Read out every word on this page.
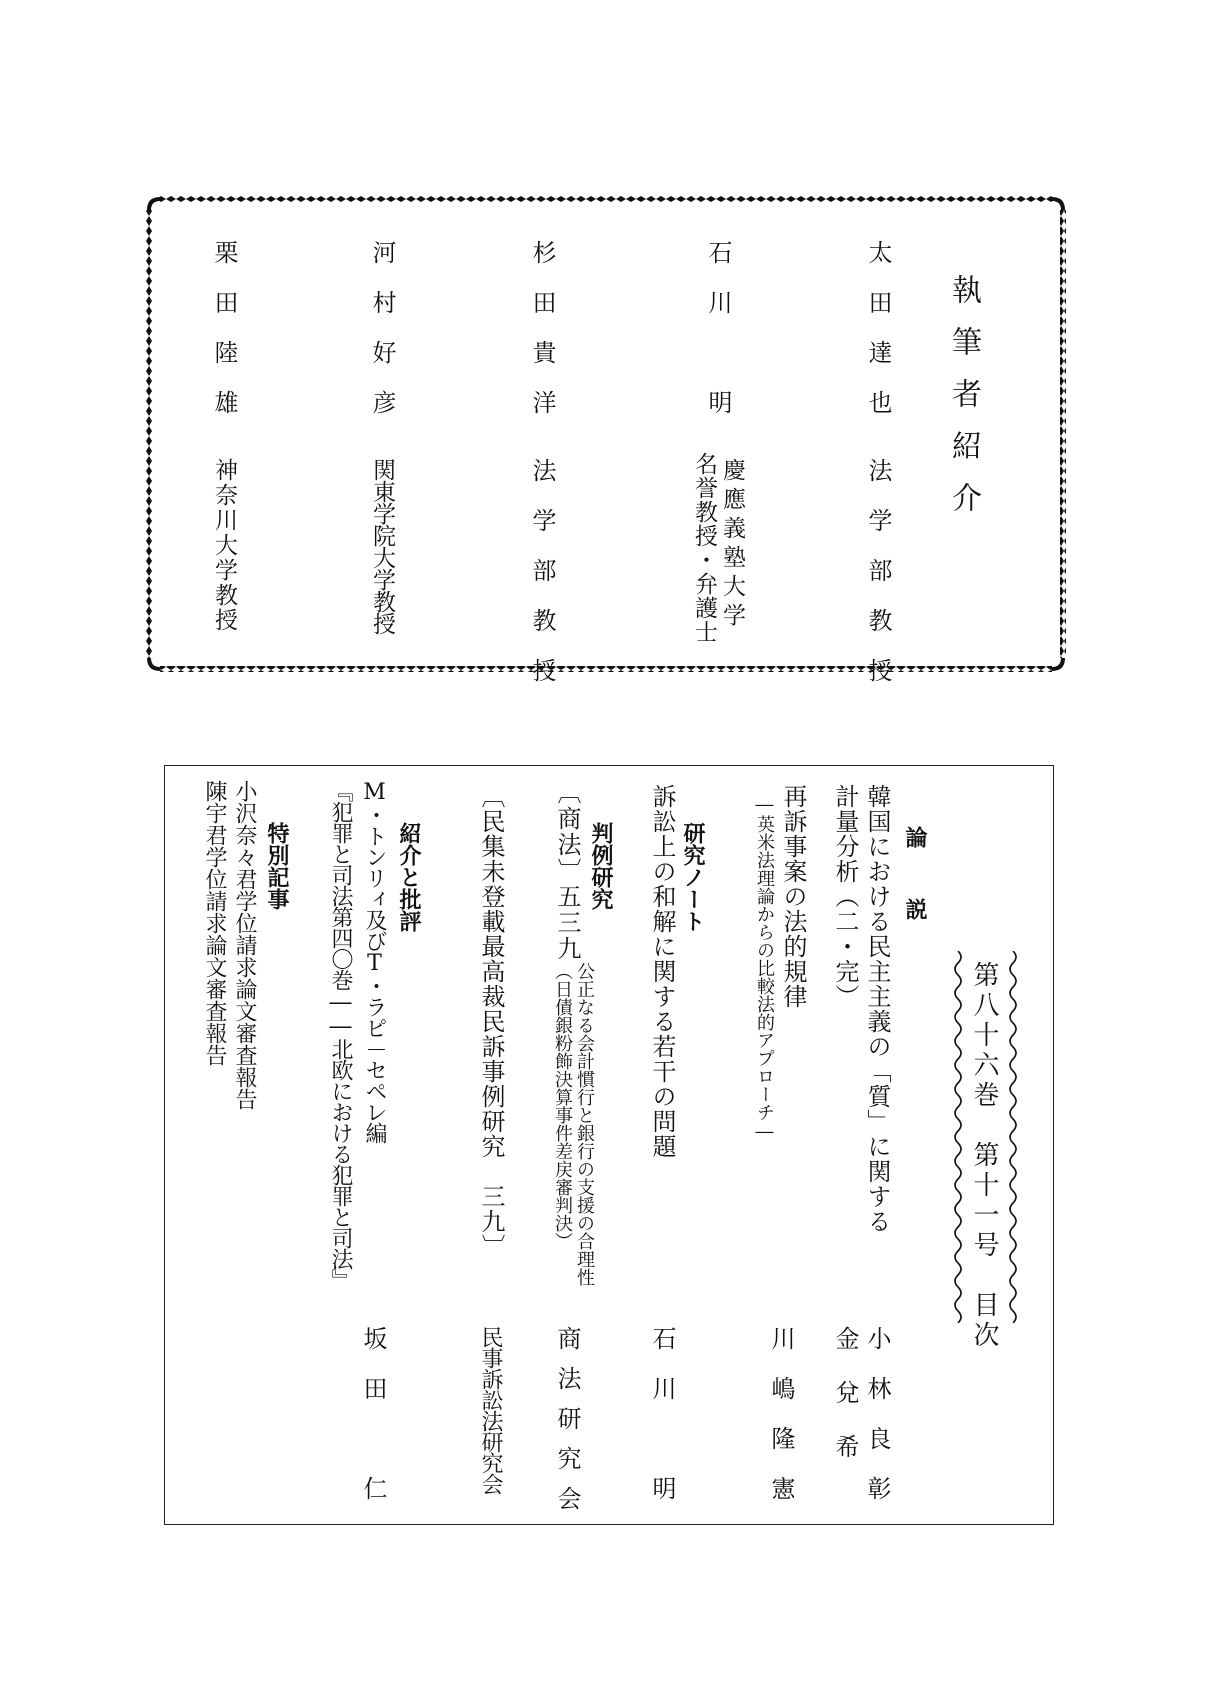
執筆者紹介
太田達也
法学部教授
石川　明
慶應義塾大学
名誉教授・弁護士
杉田貴洋
法学部教授
河村好彦
関東学院大学教授
栗田陸雄
神奈川大学教授
第八十六巻　第十一号　目次
論　説
韓国における民主主義の「質」に関する
計量分析（二・完）
小林良彰
金兌希
再訴事案の法的規律
―英米法理論からの比較法的アプローチ―
川嶋隆憲
研究ノート
訴訟上の和解に関する若干の問題
石川　明
判例研究
〔商法〕五三九
公正なる会計慣行と銀行の支援の合理性
（日債銀粉飾決算事件差戻審判決）
商法研究会
〔民集未登載最高裁民訴事例研究　三九〕
民事訴訟法研究会
紹介と批評
M・トンリィ及びT・ラピ－セペレ編
『犯罪と司法第四〇巻――北欧における犯罪と司法』
坂田　仁
特別記事
小沢奈々君学位請求論文審査報告
陳宇君学位請求論文審査報告
